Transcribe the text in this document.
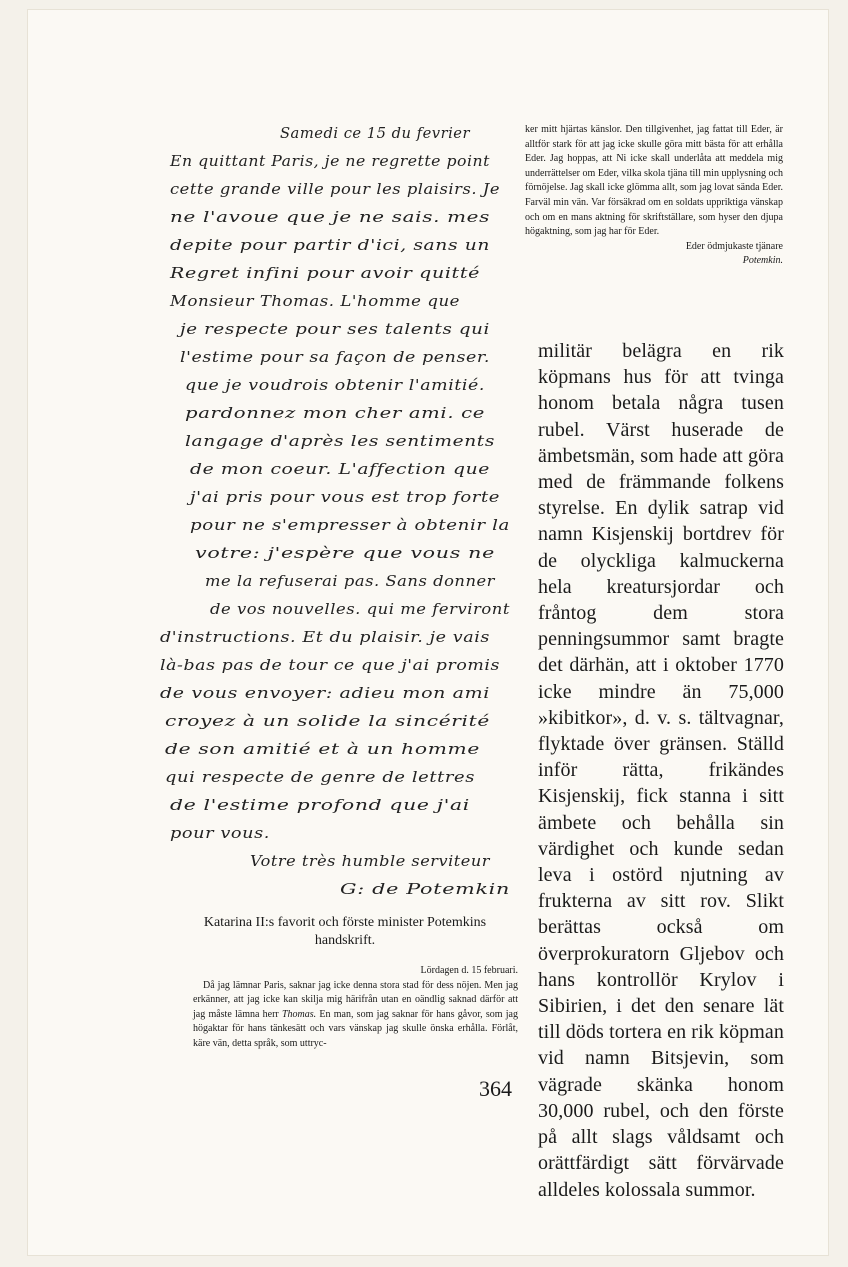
Samedi ce 15 du fevrier
En quittant Paris, je ne regrette point
cette grande ville pour les plaisirs. Je
ne l'avoue que je ne sais. mes
depite pour partir d'ici, sans un
Regret infini pour avoir quitté
Monsieur Thomas. L'homme que
je respecte pour ses talents qui
l'estime pour sa façon de penser.
que je voudrois obtenir l'amitié.
pardonnez mon cher ami. ce
langage d'après les sentiments
de mon coeur. L'affection que
j'ai pris pour vous est trop forte
pour ne s'empresser à obtenir la
votre: j'espère que vous ne
me la refuserai pas. Sans donner
de vos nouvelles. qui me ferviront
d'instructions. Et du plaisir. je vais
là-bas pas de tour ce que j'ai promis
de vous envoyer: adieu mon ami
croyez à un solide la sincérité
de son amitié et à un homme
qui respecte de genre de lettres
de l'estime profond que j'ai
pour vous.
Votre très humble serviteur
G: de Potemkin
Katarina II:s favorit och förste minister Potemkins handskrift.
Lördagen d. 15 februari.
Då jag lämnar Paris, saknar jag icke denna stora stad för dess nöjen. Men jag erkänner, att jag icke kan skilja mig härifrån utan en oändlig saknad därför att jag måste lämna herr Thomas. En man, som jag saknar för hans gåvor, som jag högaktar för hans tänkesätt och vars vänskap jag skulle önska erhålla. Förlåt, käre vän, detta språk, som uttryc-
364
ker mitt hjärtas känslor. Den tillgivenhet, jag fattat till Eder, är alltför stark för att jag icke skulle göra mitt bästa för att erhålla Eder. Jag hoppas, att Ni icke skall underlåta att meddela mig underrättelser om Eder, vilka skola tjäna till min upplysning och förnöjelse. Jag skall icke glömma allt, som jag lovat sända Eder. Farväl min vän. Var försäkrad om en soldats uppriktiga vänskap och om en mans aktning för skriftställare, som hyser den djupa högaktning, som jag har för Eder.
Eder ödmjukaste tjänare
Potemkin.
militär belägra en rik köpmans hus för att tvinga honom betala några tusen rubel. Värst huserade de ämbetsmän, som hade att göra med de främmande folkens styrelse. En dylik satrap vid namn Kisjenskij bortdrev för de olyckliga kalmuckerna hela kreatursjordar och fråntog dem stora penningsummor samt bragte det därhän, att i oktober 1770 icke mindre än 75,000 »kibitkor», d. v. s. tältvagnar, flyktade över gränsen. Ställd inför rätta, frikändes Kisjenskij, fick stanna i sitt ämbete och behålla sin värdighet och kunde sedan leva i ostörd njutning av frukterna av sitt rov. Slikt berättas också om överprokuratorn Gljebov och hans kontrollör Krylov i Sibirien, i det den senare lät till döds tortera en rik köpman vid namn Bitsjevin, som vägrade skänka honom 30,000 rubel, och den förste på allt slags våldsamt och orättfärdigt sätt förvärvade alldeles kolossala summor.
